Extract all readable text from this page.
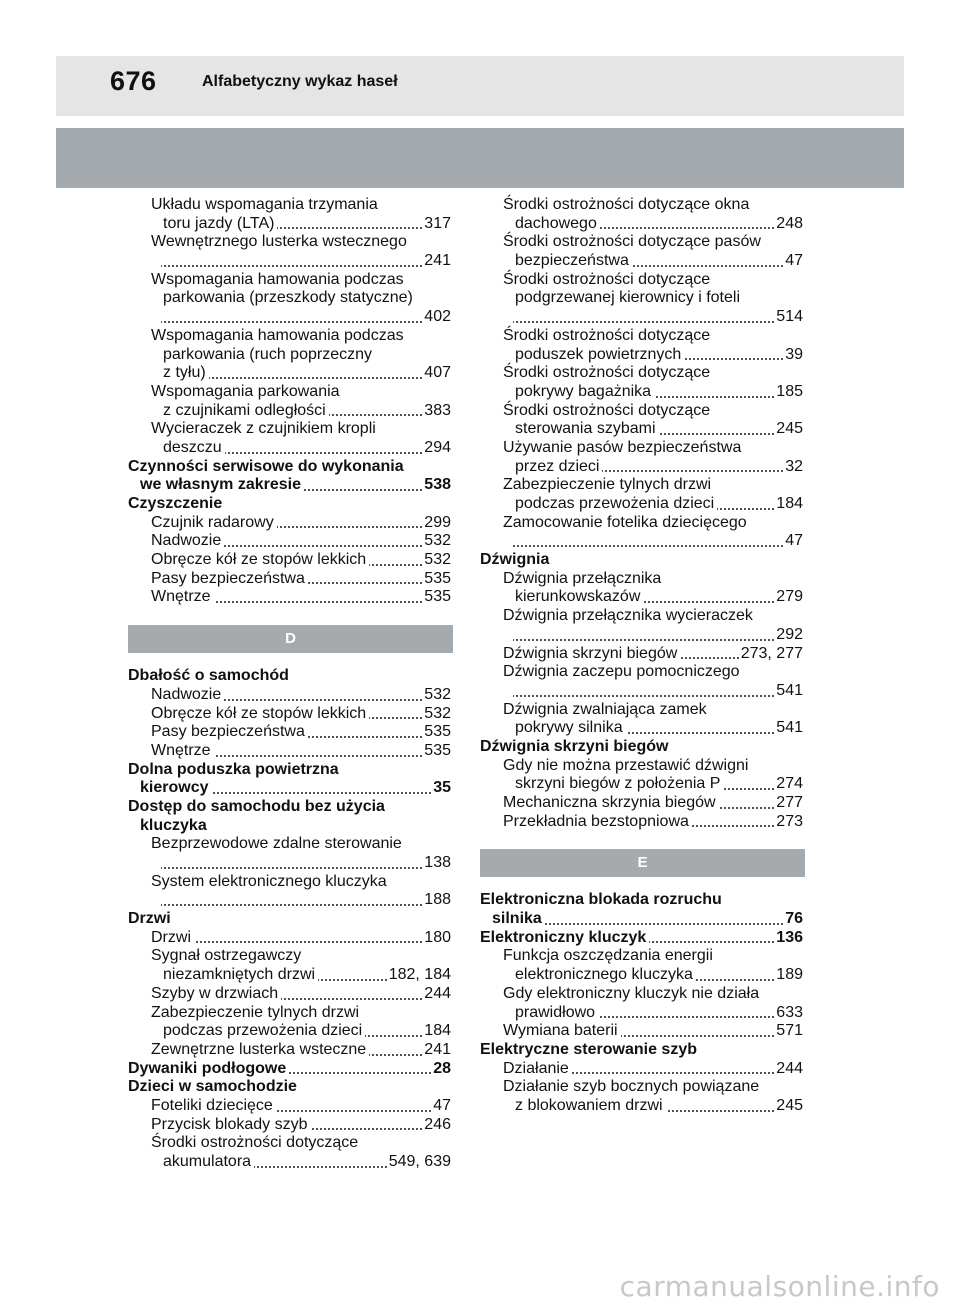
676	Alfabetyczny wykaz haseł
Układu wspomagania trzymania
toru jazdy (LTA)	317
Wewnętrznego lusterka wstecznego
241
Wspomagania hamowania podczas
parkowania (przeszkody statyczne)
402
Wspomagania hamowania podczas
parkowania (ruch poprzeczny
z tyłu)	407
Wspomagania parkowania
z czujnikami odległości	383
Wycieraczek z czujnikiem kropli
deszczu	294
Czynności serwisowe do wykonania
we własnym zakresie	538
Czyszczenie
Czujnik radarowy	299
Nadwozie	532
Obręcze kół ze stopów lekkich	532
Pasy bezpieczeństwa	535
Wnętrze	535
D
Dbałość o samochód
Nadwozie	532
Obręcze kół ze stopów lekkich	532
Pasy bezpieczeństwa	535
Wnętrze	535
Dolna poduszka powietrzna
kierowcy	35
Dostęp do samochodu bez użycia
kluczyka
Bezprzewodowe zdalne sterowanie
138
System elektronicznego kluczyka
188
Drzwi
Drzwi	180
Sygnał ostrzegawczy
niezamkniętych drzwi	182, 184
Szyby w drzwiach	244
Zabezpieczenie tylnych drzwi
podczas przewożenia dzieci	184
Zewnętrzne lusterka wsteczne	241
Dywaniki podłogowe	28
Dzieci w samochodzie
Foteliki dziecięce	47
Przycisk blokady szyb	246
Środki ostrożności dotyczące
akumulatora	549, 639
Środki ostrożności dotyczące okna
dachowego	248
Środki ostrożności dotyczące pasów
bezpieczeństwa	47
Środki ostrożności dotyczące
podgrzewanej kierownicy i foteli
514
Środki ostrożności dotyczące
poduszek powietrznych	39
Środki ostrożności dotyczące
pokrywy bagażnika	185
Środki ostrożności dotyczące
sterowania szybami	245
Używanie pasów bezpieczeństwa
przez dzieci	32
Zabezpieczenie tylnych drzwi
podczas przewożenia dzieci	184
Zamocowanie fotelika dziecięcego
47
Dźwignia
Dźwignia przełącznika
kierunkowskazów	279
Dźwignia przełącznika wycieraczek
292
Dźwignia skrzyni biegów	273, 277
Dźwignia zaczepu pomocniczego
541
Dźwignia zwalniająca zamek
pokrywy silnika	541
Dźwignia skrzyni biegów
Gdy nie można przestawić dźwigni
skrzyni biegów z położenia P	274
Mechaniczna skrzynia biegów	277
Przekładnia bezstopniowa	273
E
Elektroniczna blokada rozruchu
silnika	76
Elektroniczny kluczyk	136
Funkcja oszczędzania energii
elektronicznego kluczyka	189
Gdy elektroniczny kluczyk nie działa
prawidłowo	633
Wymiana baterii	571
Elektryczne sterowanie szyb
Działanie	244
Działanie szyb bocznych powiązane
z blokowaniem drzwi	245
carmanualsonline.info
